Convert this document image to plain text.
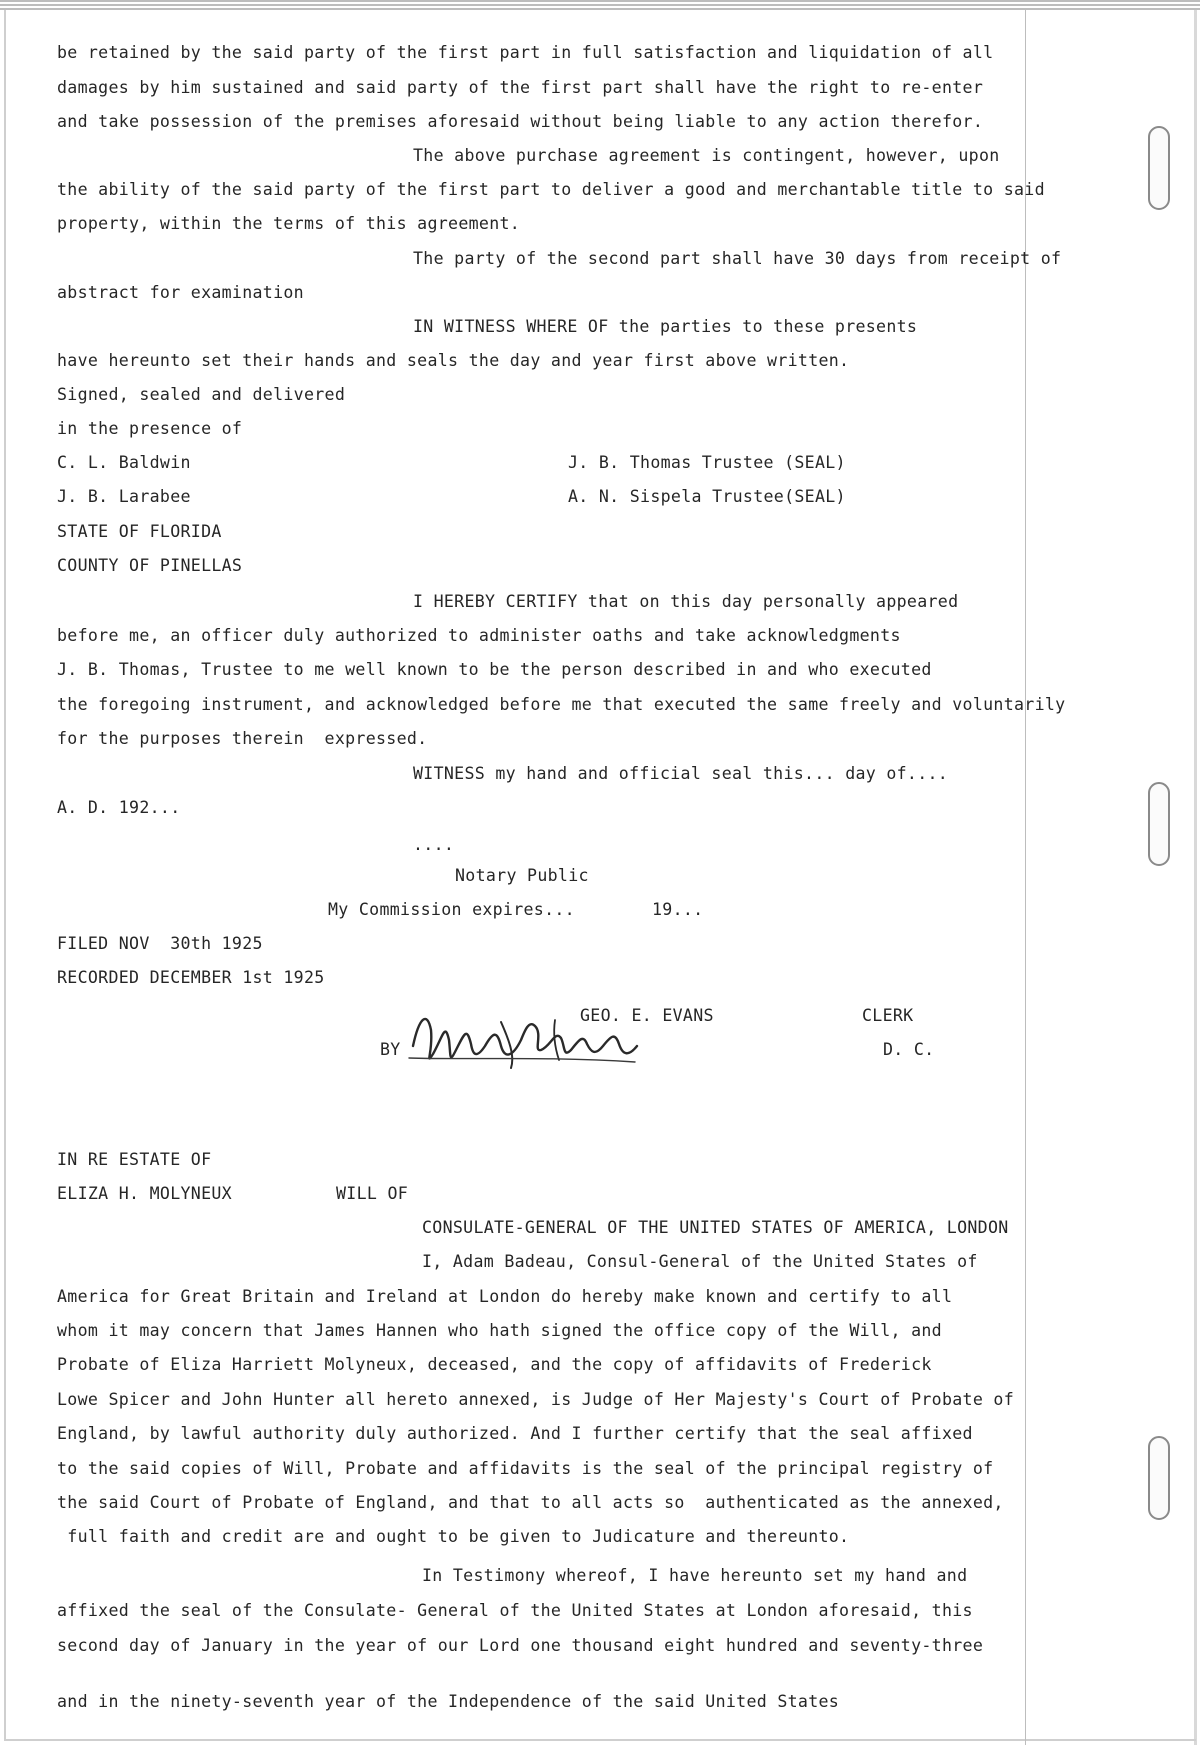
be retained by the said party of the first part in full satisfaction and liquidation of all
damages by him sustained and said party of the first part shall have the right to re-enter
and take possession of the premises aforesaid without being liable to any action therefor.
The above purchase agreement is contingent, however, upon
the ability of the said party of the first part to deliver a good and merchantable title to said
property, within the terms of this agreement.
The party of the second part shall have 30 days from receipt of
abstract for examination
IN WITNESS WHERE OF the parties to these presents
have hereunto set their hands and seals the day and year first above written.
Signed, sealed and delivered
in the presence of
C. L. Baldwin	J. B. Thomas Trustee (SEAL)
J. B. Larabee	A. N. Sispela Trustee(SEAL)
STATE OF FLORIDA
COUNTY OF PINELLAS
I HEREBY CERTIFY that on this day personally appeared
before me, an officer duly authorized to administer oaths and take acknowledgments
J. B. Thomas, Trustee to me well known to be the person described in and who executed
the foregoing instrument, and acknowledged before me that executed the same freely and voluntarily
for the purposes therein  expressed.
WITNESS my hand and official seal this... day of....
A. D. 192...
....
Notary Public
My Commission expires...	19...
FILED NOV  30th 1925
RECORDED DECEMBER 1st 1925
GEO. E. EVANS	CLERK
BY	D. C.
IN RE ESTATE OF
ELIZA H. MOLYNEUX	WILL OF
CONSULATE-GENERAL OF THE UNITED STATES OF AMERICA, LONDON
I, Adam Badeau, Consul-General of the United States of
America for Great Britain and Ireland at London do hereby make known and certify to all
whom it may concern that James Hannen who hath signed the office copy of the Will, and
Probate of Eliza Harriett Molyneux, deceased, and the copy of affidavits of Frederick
Lowe Spicer and John Hunter all hereto annexed, is Judge of Her Majesty's Court of Probate of
England, by lawful authority duly authorized. And I further certify that the seal affixed
to the said copies of Will, Probate and affidavits is the seal of the principal registry of
the said Court of Probate of England, and that to all acts so  authenticated as the annexed,
full faith and credit are and ought to be given to Judicature and thereunto.
In Testimony whereof, I have hereunto set my hand and
affixed the seal of the Consulate- General of the United States at London aforesaid, this
second day of January in the year of our Lord one thousand eight hundred and seventy-three
and in the ninety-seventh year of the Independence of the said United States
